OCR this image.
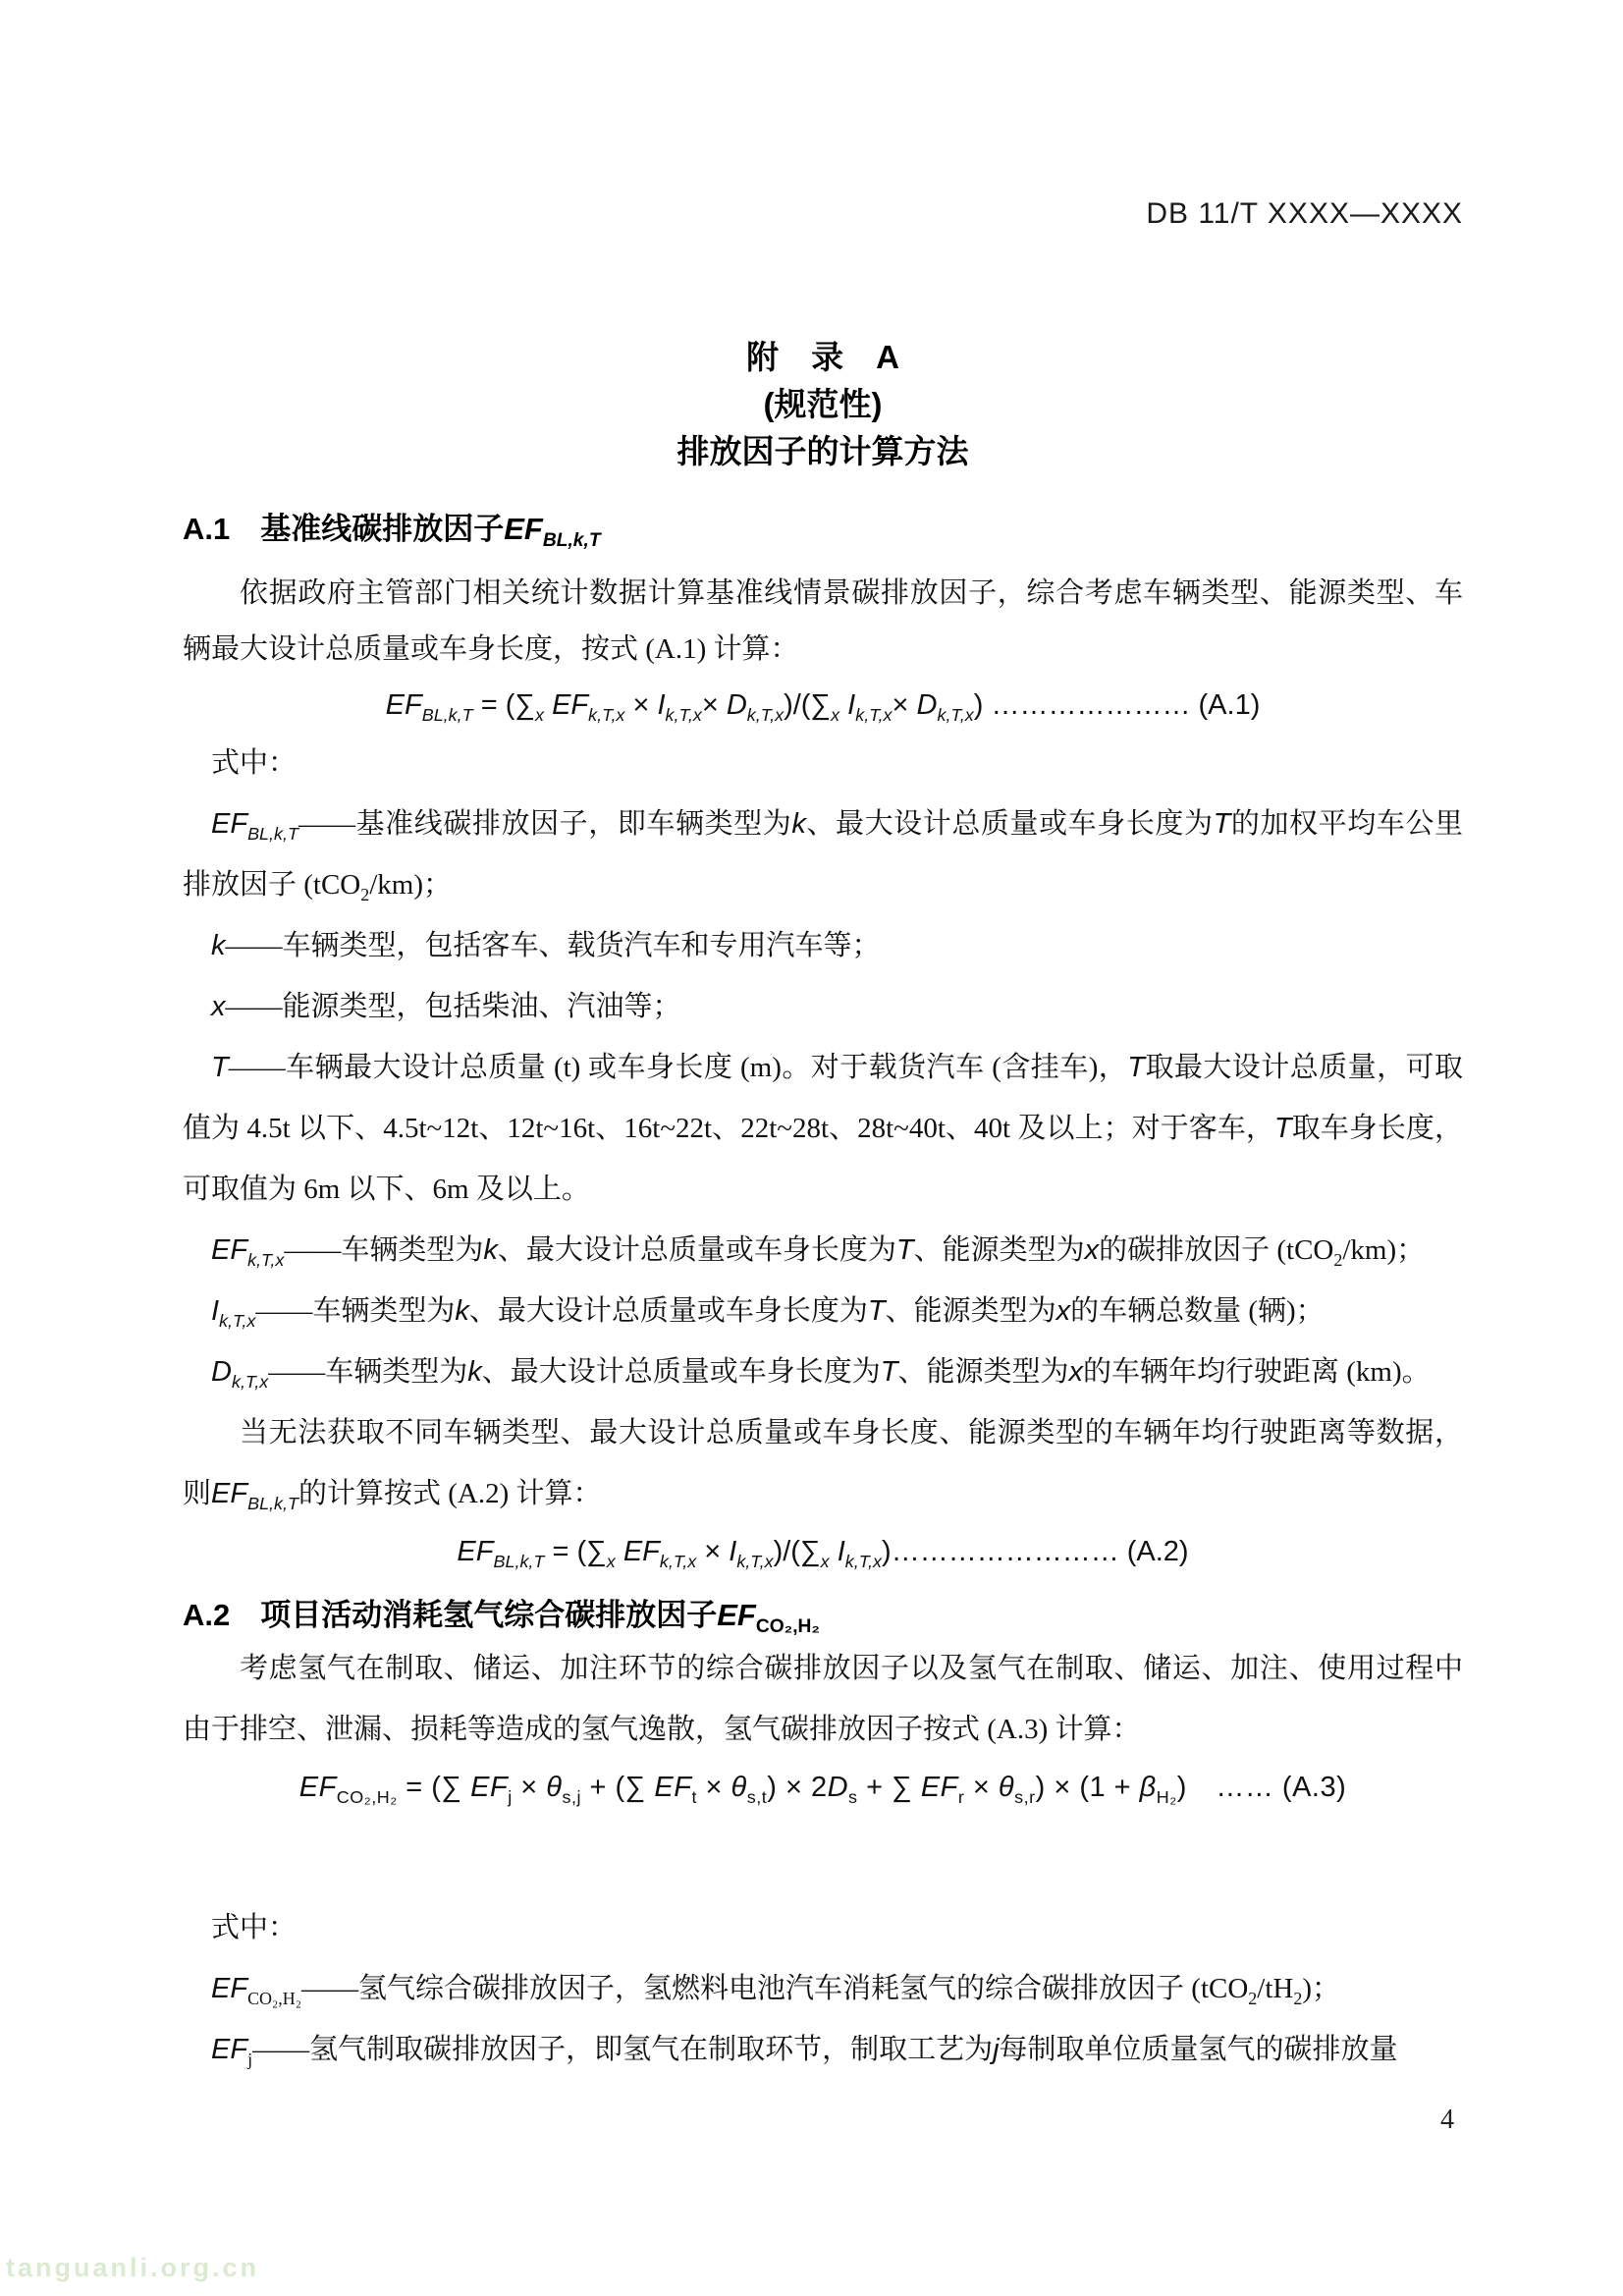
DB 11/T XXXX—XXXX
附　录　A
(规范性)
排放因子的计算方法
A.1　基准线碳排放因子$EF_{BL,k,T}$

依据政府主管部门相关统计数据计算基准线情景碳排放因子，综合考虑车辆类型、能源类型、车辆最大设计总质量或车身长度，按式 (A.1) 计算：

$EF_{BL,k,T} = (\sum_x$ $EF_{k,T,x} \times I_{k,T,x}\times D_{k,T,x})/(\sum_x$ $I_{k,T,x}\times D_{k,T,x}$) ………………… (A.1)

式中：

$EF_{BL,k,T}——$基准线碳排放因子，即车辆类型为k、最大设计总质量或车身长度为T的加权平均车公里排放因子 (tCO$_2$/km)；

k——车辆类型，包括客车、载货汽车和专用汽车等；

x——能源类型，包括柴油、汽油等；

T——车辆最大设计总质量 (t) 或车身长度 (m)。对于载货汽车 (含挂车)，T取最大设计总质量，可取值为 4.5t 以下、4.5t~12t、12t~16t、16t~22t、22t~28t、28t~40t、40t 及以上；对于客车，T取车身长度，可取值为 6m 以下、6m 及以上。

$EF_{k,T,x}——$车辆类型为k、最大设计总质量或车身长度为T、能源类型为x的碳排放因子 (tCO$_2$/km)；

$I_{k,T,x}——$车辆类型为k、最大设计总质量或车身长度为T、能源类型为x的车辆总数量 (辆)；

$D_{k,T,x}——$车辆类型为k、最大设计总质量或车身长度为T、能源类型为x的车辆年均行驶距离 (km)。

当无法获取不同车辆类型、最大设计总质量或车身长度、能源类型的车辆年均行驶距离等数据，则$EF_{BL,k,T}$的计算按式 (A.2) 计算：

$EF_{BL,k,T} = (\sum_x$ $EF_{k,T,x} \times I_{k,T,x})/(\sum_x$ $I_{k,T,x})\dots\dots\dots\dots\dots\dots\dots\dots$ (A.2)

A.2　项目活动消耗氢气综合碳排放因子$EF_{CO_2,H_2}$

考虑氢气在制取、储运、加注环节的综合碳排放因子以及氢气在制取、储运、加注、使用过程中由于排空、泄漏、损耗等造成的氢气逸散，氢气碳排放因子按式 (A.3) 计算：

$EF_{CO_2,H_2}$ = (∑ $EF_j \times \theta_{s,j}$ + (∑ $EF_t \times \theta_{s,t}) \times 2D_s$ + ∑ $EF_r \times \theta_{s,r}) \times (1 + \beta_{H_2})$　…… (A.3)

式中：

$EF_{CO_2,H_2}——$氢气综合碳排放因子，氢燃料电池汽车消耗氢气的综合碳排放因子 $(tCO_2/tH_2)$；

$EF_j——$氢气制取碳排放因子，即氢气在制取环节，制取工艺为j每制取单位质量氢气的碳排放量

4
tanguanli.org.cn
